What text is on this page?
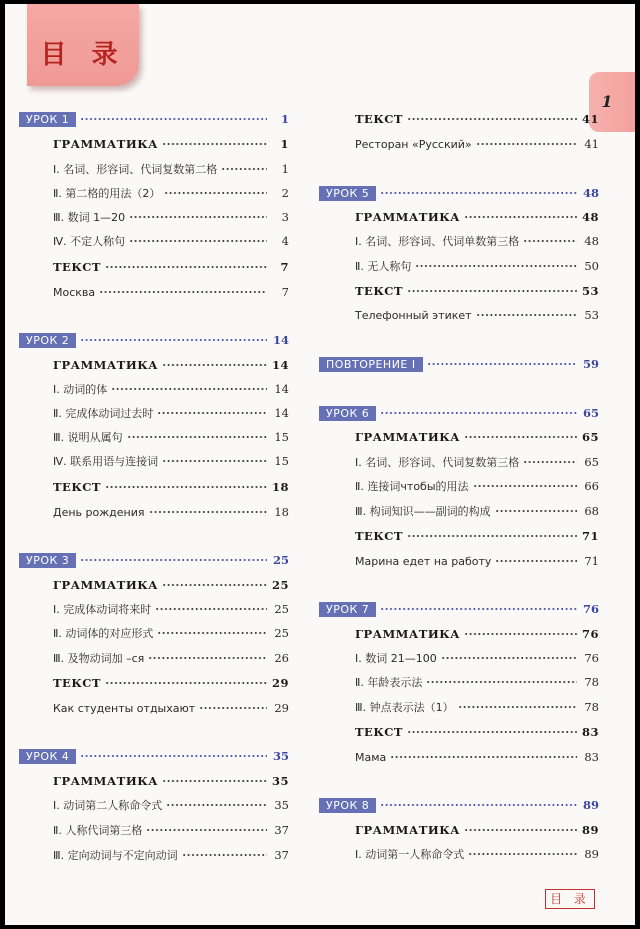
目 录
1
УРОК 1	1
ГРАММАТИКА	1
Ⅰ. 名词、形容词、代词复数第二格	1
Ⅱ. 第二格的用法（2）	2
Ⅲ. 数词 1—20	3
Ⅳ. 不定人称句	4
ТЕКСТ	7
Москва	7
УРОК 2	14
ГРАММАТИКА	14
Ⅰ. 动词的体	14
Ⅱ. 完成体动词过去时	14
Ⅲ. 说明从属句	15
Ⅳ. 联系用语与连接词	15
ТЕКСТ	18
День рождения	18
УРОК 3	25
ГРАММАТИКА	25
Ⅰ. 完成体动词将来时	25
Ⅱ. 动词体的对应形式	25
Ⅲ. 及物动词加 –ся	26
ТЕКСТ	29
Как студенты отдыхают	29
УРОК 4	35
ГРАММАТИКА	35
Ⅰ. 动词第二人称命令式	35
Ⅱ. 人称代词第三格	37
Ⅲ. 定向动词与不定向动词	37
ТЕКСТ	41
Ресторан «Русский»	41
УРОК 5	48
ГРАММАТИКА	48
Ⅰ. 名词、形容词、代词单数第三格	48
Ⅱ. 无人称句	50
ТЕКСТ	53
Телефонный этикет	53
ПОВТОРЕНИЕ Ⅰ	59
УРОК 6	65
ГРАММАТИКА	65
Ⅰ. 名词、形容词、代词复数第三格	65
Ⅱ. 连接词чтобы的用法	66
Ⅲ. 构词知识——副词的构成	68
ТЕКСТ	71
Марина едет на работу	71
УРОК 7	76
ГРАММАТИКА	76
Ⅰ. 数词 21—100	76
Ⅱ. 年龄表示法	78
Ⅲ. 钟点表示法（1）	78
ТЕКСТ	83
Мама	83
УРОК 8	89
ГРАММАТИКА	89
Ⅰ. 动词第一人称命令式	89
目 录
